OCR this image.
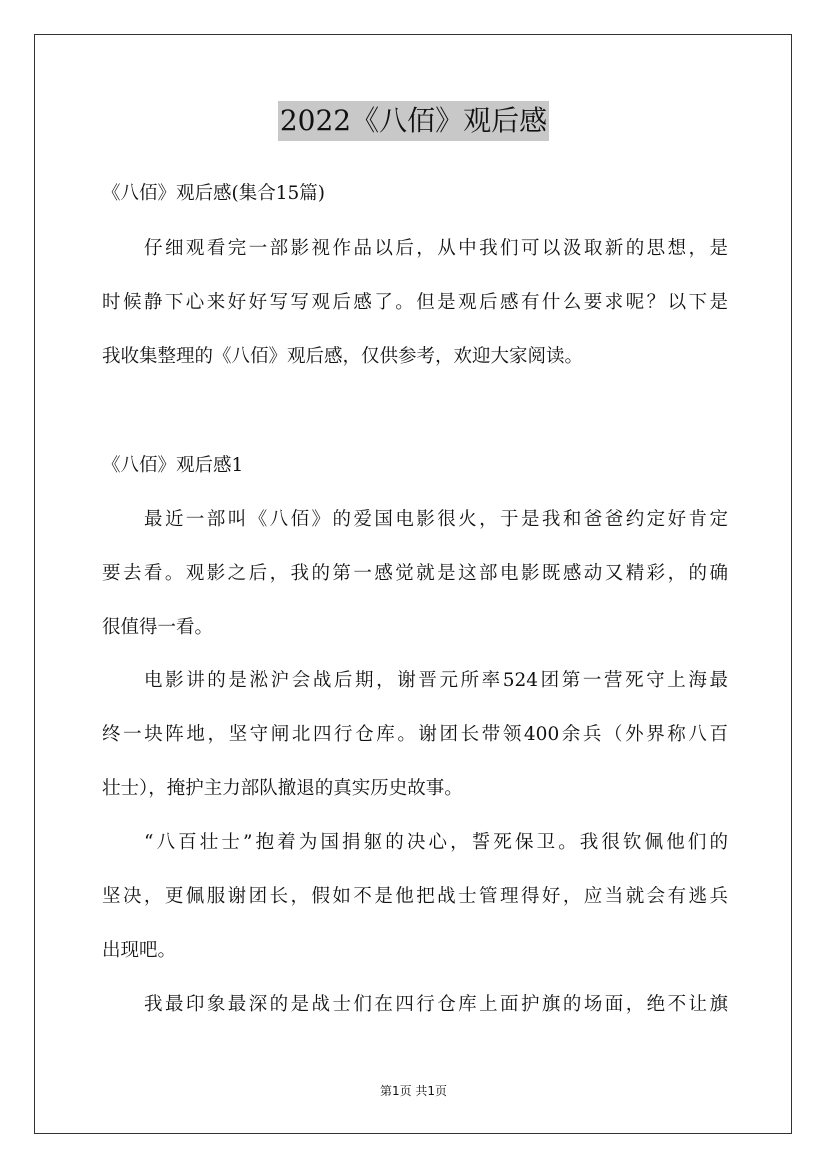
2022《八佰》观后感
《八佰》观后感(集合15篇)
仔细观看完一部影视作品以后，从中我们可以汲取新的思想，是
时候静下心来好好写写观后感了。但是观后感有什么要求呢？以下是
我收集整理的《八佰》观后感，仅供参考，欢迎大家阅读。
《八佰》观后感1
最近一部叫《八佰》的爱国电影很火，于是我和爸爸约定好肯定
要去看。观影之后，我的第一感觉就是这部电影既感动又精彩，的确
很值得一看。
电影讲的是淞沪会战后期，谢晋元所率524团第一营死守上海最
终一块阵地，坚守闸北四行仓库。谢团长带领400余兵（外界称八百
壮士），掩护主力部队撤退的真实历史故事。
“八百壮士”抱着为国捐躯的决心，誓死保卫。我很钦佩他们的
坚决，更佩服谢团长，假如不是他把战士管理得好，应当就会有逃兵
出现吧。
我最印象最深的是战士们在四行仓库上面护旗的场面，绝不让旗
第1页 共1页
